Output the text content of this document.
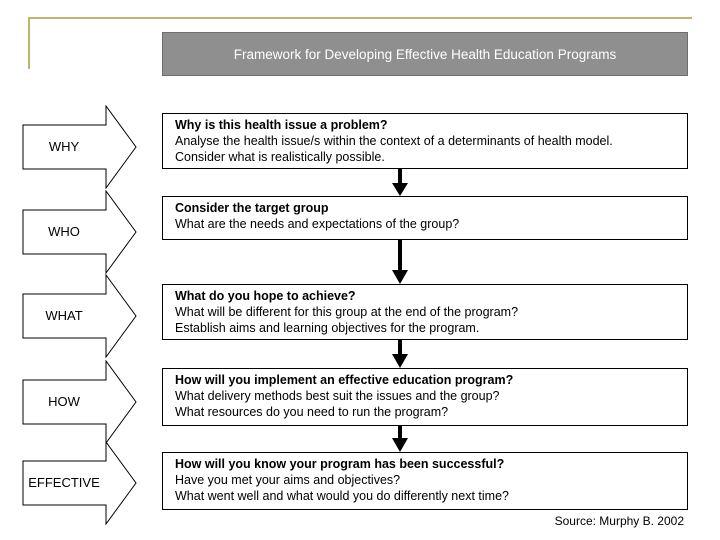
Framework for Developing Effective Health Education Programs
WHY
Why is this health issue a problem?
Analyse the health issue/s within the context of a determinants of health model.
Consider what is realistically possible.
WHO
Consider the target group
What are the needs and expectations of the group?
WHAT
What do you hope to achieve?
What will be different for this group at the end of the program?
Establish aims and learning objectives for the program.
HOW
How will you implement an effective education program?
What delivery methods best suit the issues and the group?
What resources do you need to run the program?
EFFECTIVE
How will you know your program has been successful?
Have you met your aims and objectives?
What went well and what would you do differently next time?
Source: Murphy B. 2002
